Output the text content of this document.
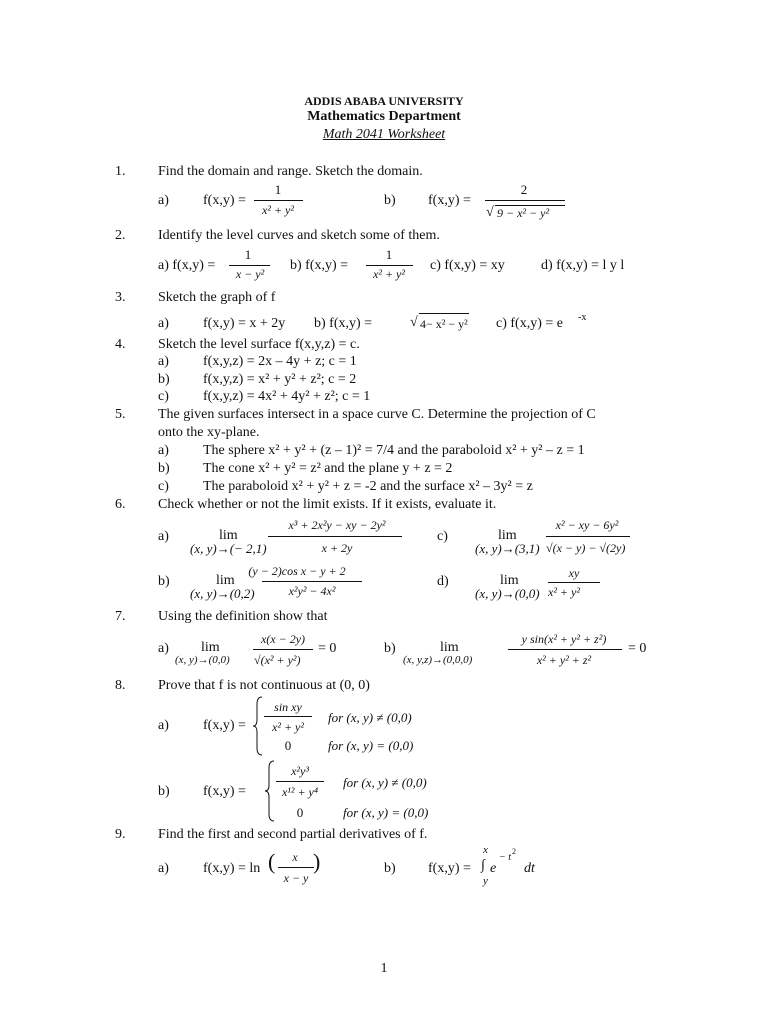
ADDIS ABABA UNIVERSITY
Mathematics Department
Math 2041 Worksheet
1. Find the domain and range. Sketch the domain.
a) f(x,y) =
1
x² + y²
b) f(x,y) =
2
√ 9 − x² − y²
2. Identify the level curves and sketch some of them.
a) f(x,y) =
1
x − y²
b) f(x,y) =
1
x² + y²
c) f(x,y) = xy	d) f(x,y) = l y l
3. Sketch the graph of f
a) f(x,y) = x + 2y b) f(x,y) =	√ 4− x² − y² c) f(x,y) = e -x
4. Sketch the level surface f(x,y,z) = c.
a) f(x,y,z) = 2x – 4y + z; c = 1
b) f(x,y,z) = x² + y² + z²; c = 2
c) f(x,y,z) = 4x² + 4y² + z²; c = 1
5. The given surfaces intersect in a space curve C. Determine the projection of C
onto the xy-plane.
a) The sphere x² + y² + (z – 1)² = 7/4 and the paraboloid x² + y² – z = 1
b) The cone x² + y² = z² and the plane y + z = 2
c) The paraboloid x² + y² + z = -2 and the surface x² – 3y² = z
6. Check whether or not the limit exists. If it exists, evaluate it.
a)	lim
(x, y)→(− 2,1)
x³ + 2x²y − xy − 2y²
x + 2y
c)	lim
(x, y)→(3,1)
x² − xy − 6y²
√(x − y) − √(2y)
b)	lim
(x, y)→(0,2)
(y − 2)cos x − y + 2
x²y² − 4x²
d)	lim
(x, y)→(0,0)
xy
x² + y²
7. Using the definition show that
a) lim
(x, y)→(0,0)
x(x − 2y)
√(x² + y²)
= 0	b)	lim
(x, y,z)→(0,0,0)
y sin(x² + y² + z²)
x² + y² + z²
= 0
8. Prove that f is not continuous at (0, 0)
a) f(x,y) =
sin xy
x² + y²
for (x, y) ≠ (0,0)
0	for (x, y) = (0,0)
b) f(x,y) =
x²y³
x¹² + y⁴
for (x, y) ≠ (0,0)
0	for (x, y) = (0,0)
9. Find the first and second partial derivatives of f.
a) f(x,y) = ln ( x
x − y
)	b) f(x,y) =
x
∫
y
e
− t
2
dt
1
